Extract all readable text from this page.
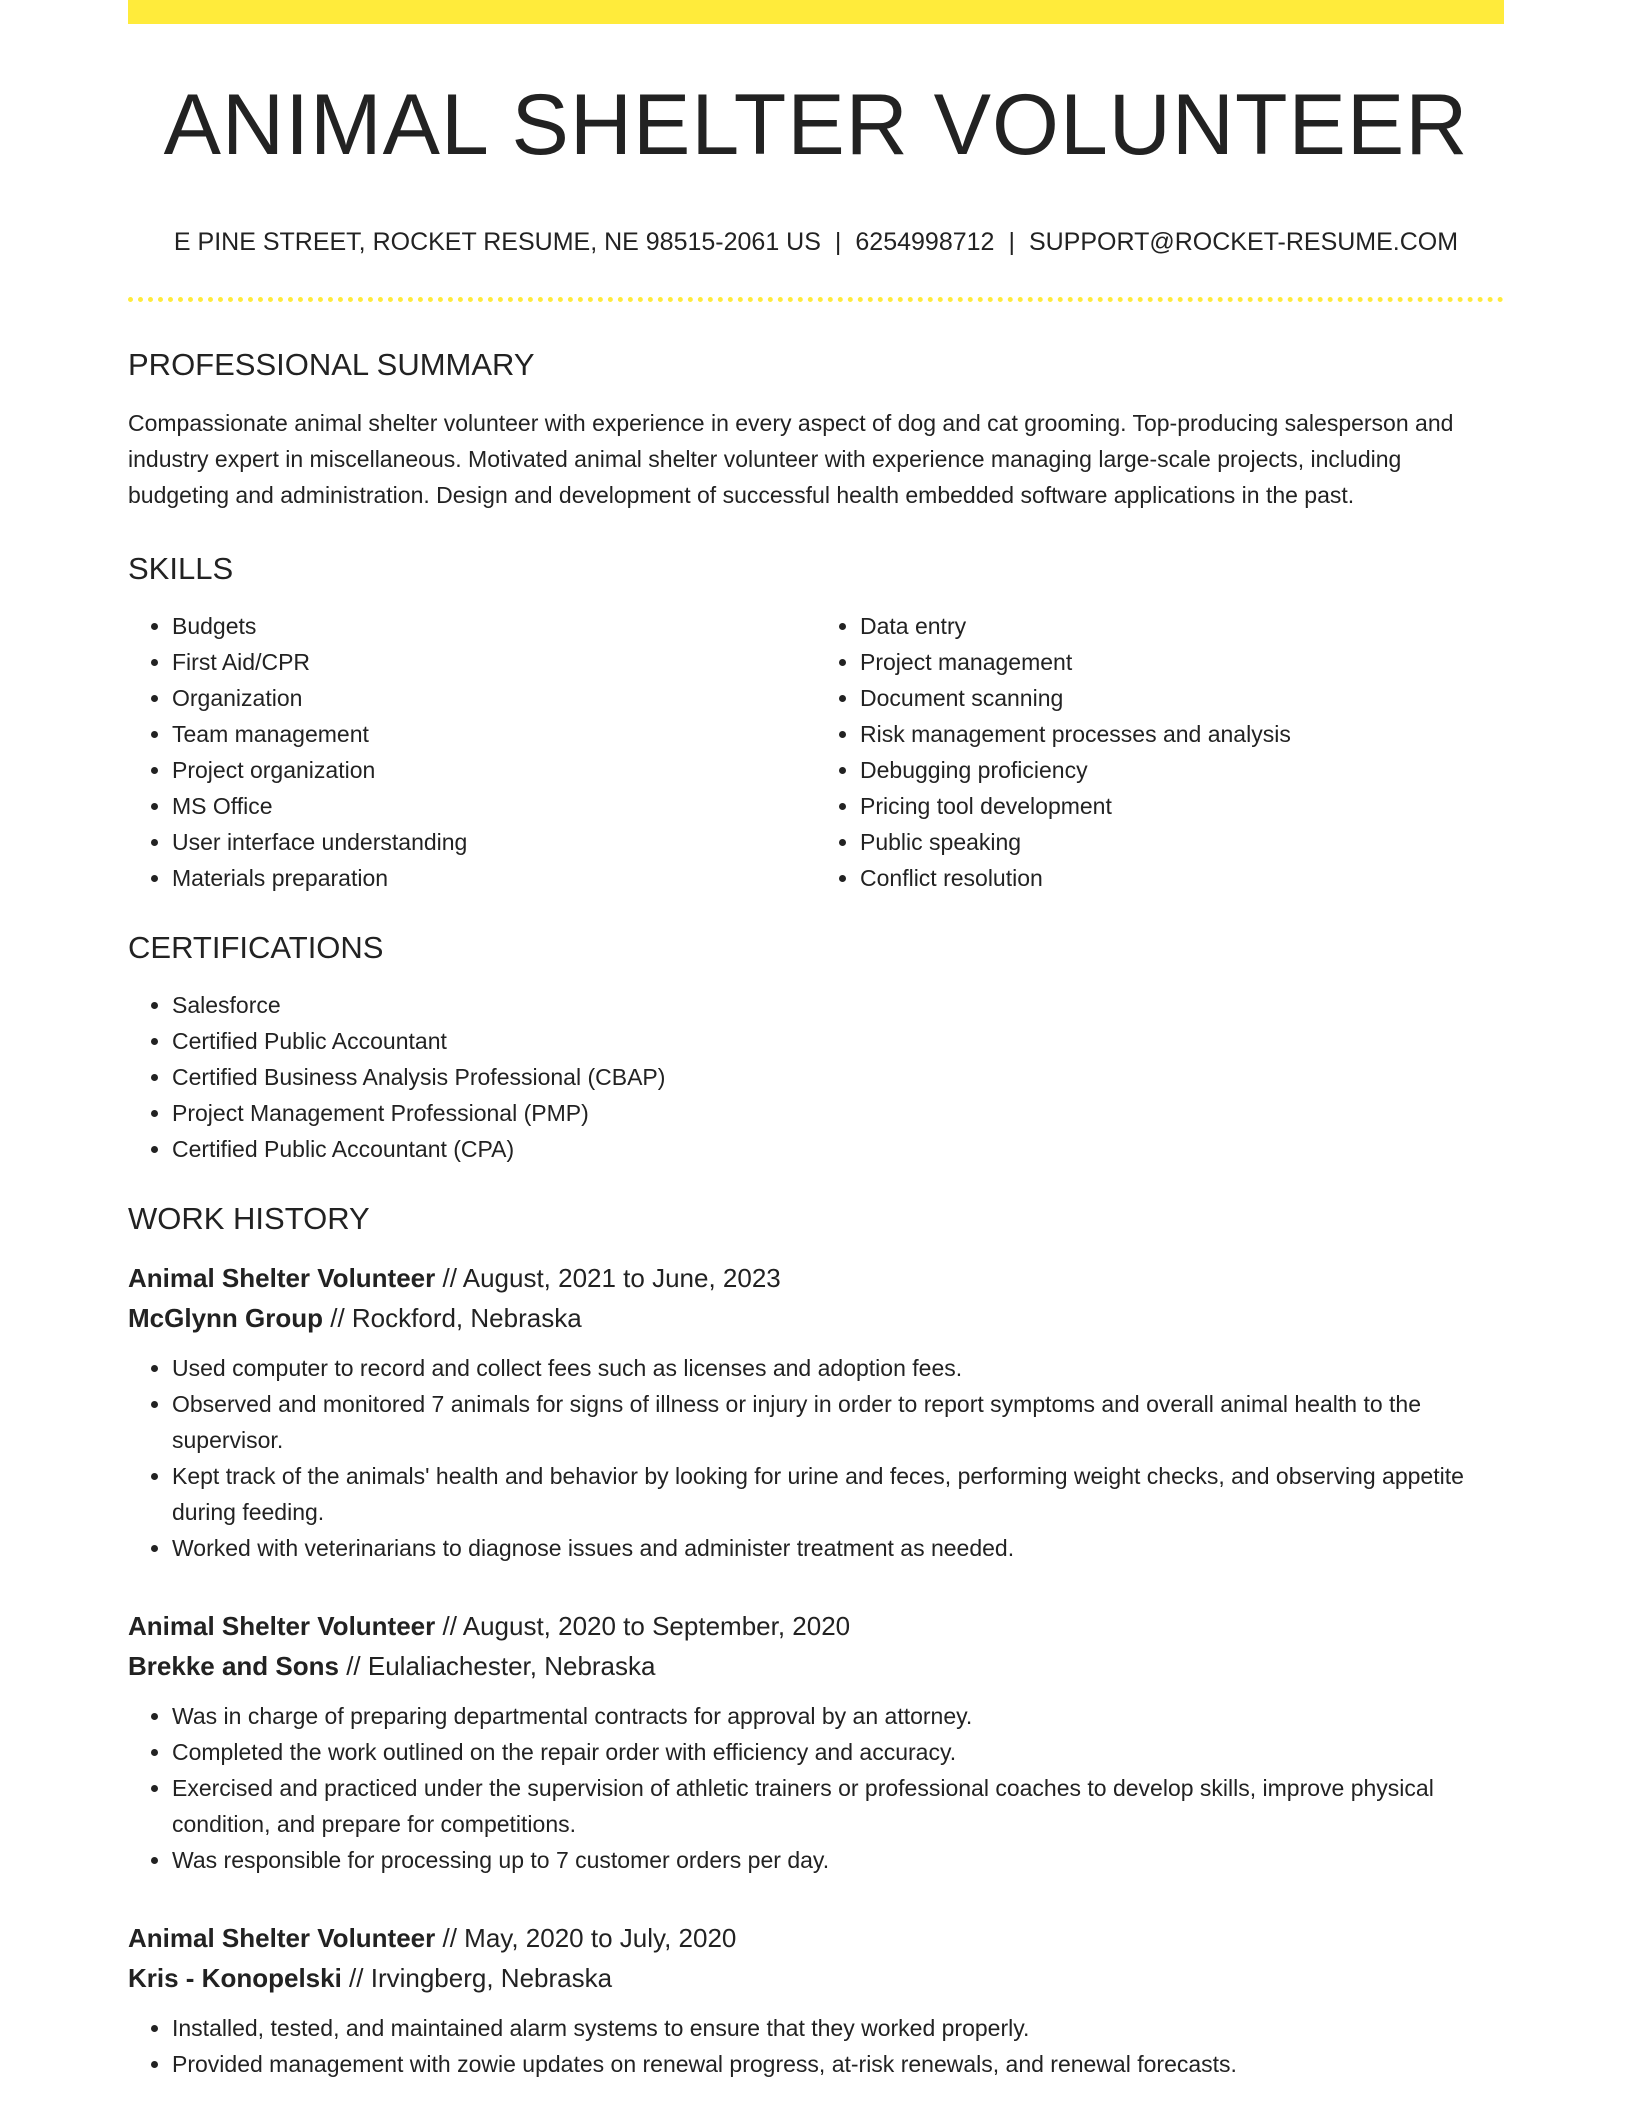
ANIMAL SHELTER VOLUNTEER
E PINE STREET, ROCKET RESUME, NE 98515-2061 US | 6254998712 | SUPPORT@ROCKET-RESUME.COM
PROFESSIONAL SUMMARY

Compassionate animal shelter volunteer with experience in every aspect of dog and cat grooming. Top-producing salesperson and industry expert in miscellaneous. Motivated animal shelter volunteer with experience managing large-scale projects, including budgeting and administration. Design and development of successful health embedded software applications in the past.

SKILLS
• Budgets
• First Aid/CPR
• Organization
• Team management
• Project organization
• MS Office
• User interface understanding
• Materials preparation
• Data entry
• Project management
• Document scanning
• Risk management processes and analysis
• Debugging proficiency
• Pricing tool development
• Public speaking
• Conflict resolution
CERTIFICATIONS
• Salesforce
• Certified Public Accountant
• Certified Business Analysis Professional (CBAP)
• Project Management Professional (PMP)
• Certified Public Accountant (CPA)
WORK HISTORY
Animal Shelter Volunteer // August, 2021 to June, 2023
McGlynn Group // Rockford, Nebraska
• Used computer to record and collect fees such as licenses and adoption fees.
• Observed and monitored 7 animals for signs of illness or injury in order to report symptoms and overall animal health to the supervisor.
• Kept track of the animals' health and behavior by looking for urine and feces, performing weight checks, and observing appetite during feeding.
• Worked with veterinarians to diagnose issues and administer treatment as needed.
Animal Shelter Volunteer // August, 2020 to September, 2020
Brekke and Sons // Eulaliachester, Nebraska
• Was in charge of preparing departmental contracts for approval by an attorney.
• Completed the work outlined on the repair order with efficiency and accuracy.
• Exercised and practiced under the supervision of athletic trainers or professional coaches to develop skills, improve physical condition, and prepare for competitions.
• Was responsible for processing up to 7 customer orders per day.
Animal Shelter Volunteer // May, 2020 to July, 2020
Kris - Konopelski // Irvingberg, Nebraska
• Installed, tested, and maintained alarm systems to ensure that they worked properly.
• Provided management with zowie updates on renewal progress, at-risk renewals, and renewal forecasts.
